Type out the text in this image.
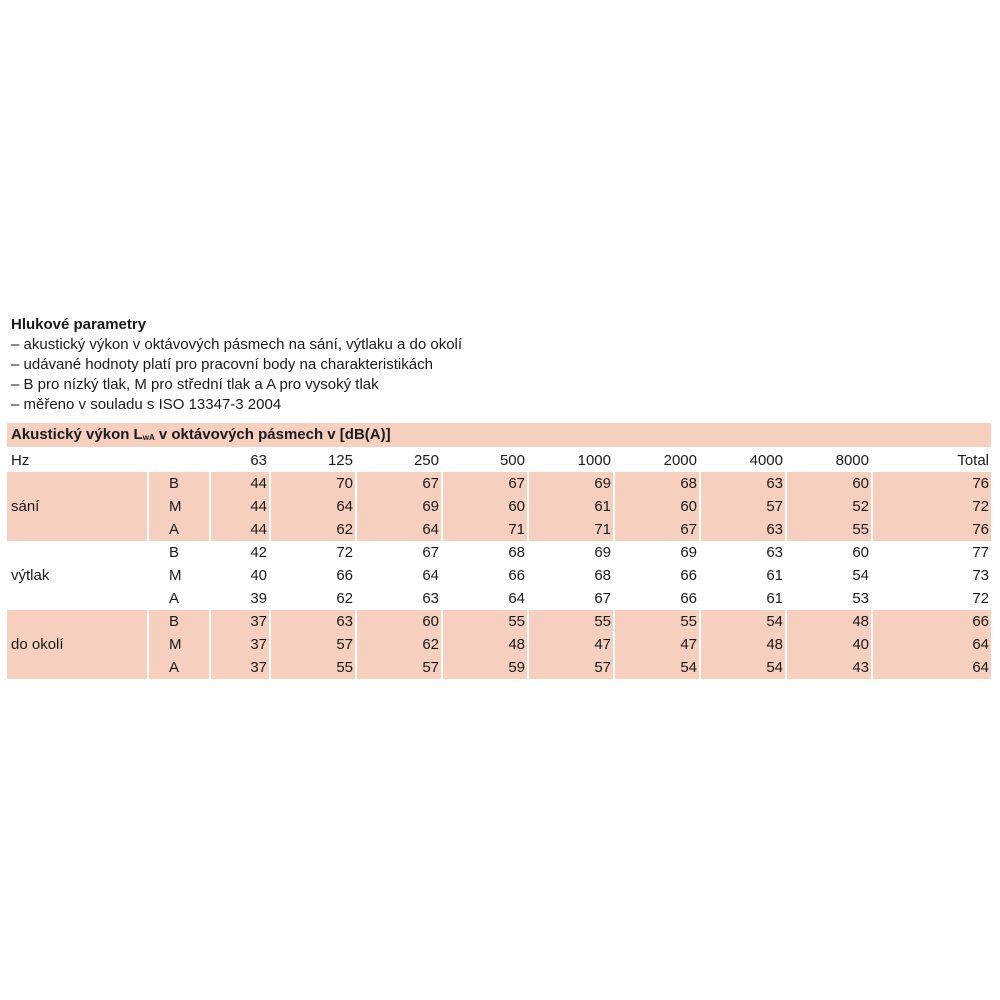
Hlukové parametry
– akustický výkon v oktávových pásmech na sání, výtlaku a do okolí
– udávané hodnoty platí pro pracovní body na charakteristikách
– B pro nízký tlak, M pro střední tlak a A pro vysoký tlak
– měřeno v souladu s ISO 13347-3 2004
Akustický výkon $L_{wA}$ v oktávových pásmech v [dB(A)]
Hz		63	125	250	500	1000	2000	4000	8000	Total
sání	B	44	70	67	67	69	68	63	60	76
	M	44	64	69	60	61	60	57	52	72
	A	44	62	64	71	71	67	63	55	76
výtlak	B	42	72	67	68	69	69	63	60	77
	M	40	66	64	66	68	66	61	54	73
	A	39	62	63	64	67	66	61	53	72
do okolí	B	37	63	60	55	55	55	54	48	66
	M	37	57	62	48	47	47	48	40	64
	A	37	55	57	59	57	54	54	43	64
